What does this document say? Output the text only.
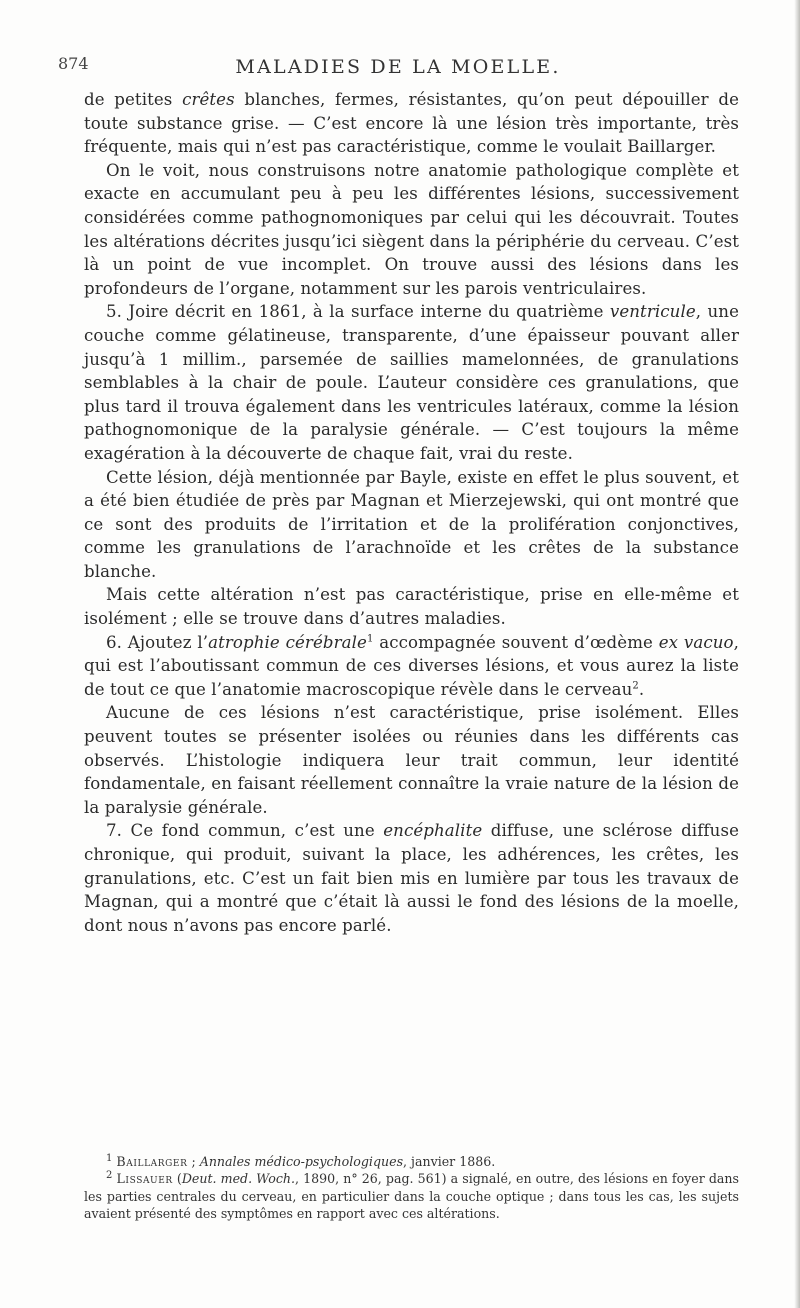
874	MALADIES DE LA MOELLE.

de petites crêtes blanches, fermes, résistantes, qu’on peut dépouiller de toute substance grise. — C’est encore là une lésion très importante, très fréquente, mais qui n’est pas caractéristique, comme le voulait Baillarger.

On le voit, nous construisons notre anatomie pathologique complète et exacte en accumulant peu à peu les différentes lésions, successivement considérées comme pathognomoniques par celui qui les découvrait. Toutes les altérations décrites jusqu’ici siègent dans la périphérie du cerveau. C’est là un point de vue incomplet. On trouve aussi des lésions dans les profondeurs de l’organe, notamment sur les parois ventriculaires.

5. Joire décrit en 1861, à la surface interne du quatrième ventricule, une couche comme gélatineuse, transparente, d’une épaisseur pouvant aller jusqu’à 1 millim., parsemée de saillies mamelonnées, de granulations semblables à la chair de poule. L’auteur considère ces granulations, que plus tard il trouva également dans les ventricules latéraux, comme la lésion pathognomonique de la paralysie générale. — C’est toujours la même exagération à la découverte de chaque fait, vrai du reste.

Cette lésion, déjà mentionnée par Bayle, existe en effet le plus souvent, et a été bien étudiée de près par Magnan et Mierzejewski, qui ont montré que ce sont des produits de l’irritation et de la prolifération conjonctives, comme les granulations de l’arachnoïde et les crêtes de la substance blanche.

Mais cette altération n’est pas caractéristique, prise en elle-même et isolément ; elle se trouve dans d’autres maladies.

6. Ajoutez l’atrophie cérébrale$^1$ accompagnée souvent d’œdème ex vacuo, qui est l’aboutissant commun de ces diverses lésions, et vous aurez la liste de tout ce que l’anatomie macroscopique révèle dans le cerveau$^2$.

Aucune de ces lésions n’est caractéristique, prise isolément. Elles peuvent toutes se présenter isolées ou réunies dans les différents cas observés. L’histologie indiquera leur trait commun, leur identité fondamentale, en faisant réellement connaître la vraie nature de la lésion de la paralysie générale.

7. Ce fond commun, c’est une encéphalite diffuse, une sclérose diffuse chronique, qui produit, suivant la place, les adhérences, les crêtes, les granulations, etc. C’est un fait bien mis en lumière par tous les travaux de Magnan, qui a montré que c’était là aussi le fond des lésions de la moelle, dont nous n’avons pas encore parlé.

$^1$ Baillarger ; Annales médico-psychologiques, janvier 1886.

$^2$ Lissauer (Deut. med. Woch., 1890, n° 26, pag. 561) a signalé, en outre, des lésions en foyer dans les parties centrales du cerveau, en particulier dans la couche optique ; dans tous les cas, les sujets avaient présenté des symptômes en rapport avec ces altérations.
